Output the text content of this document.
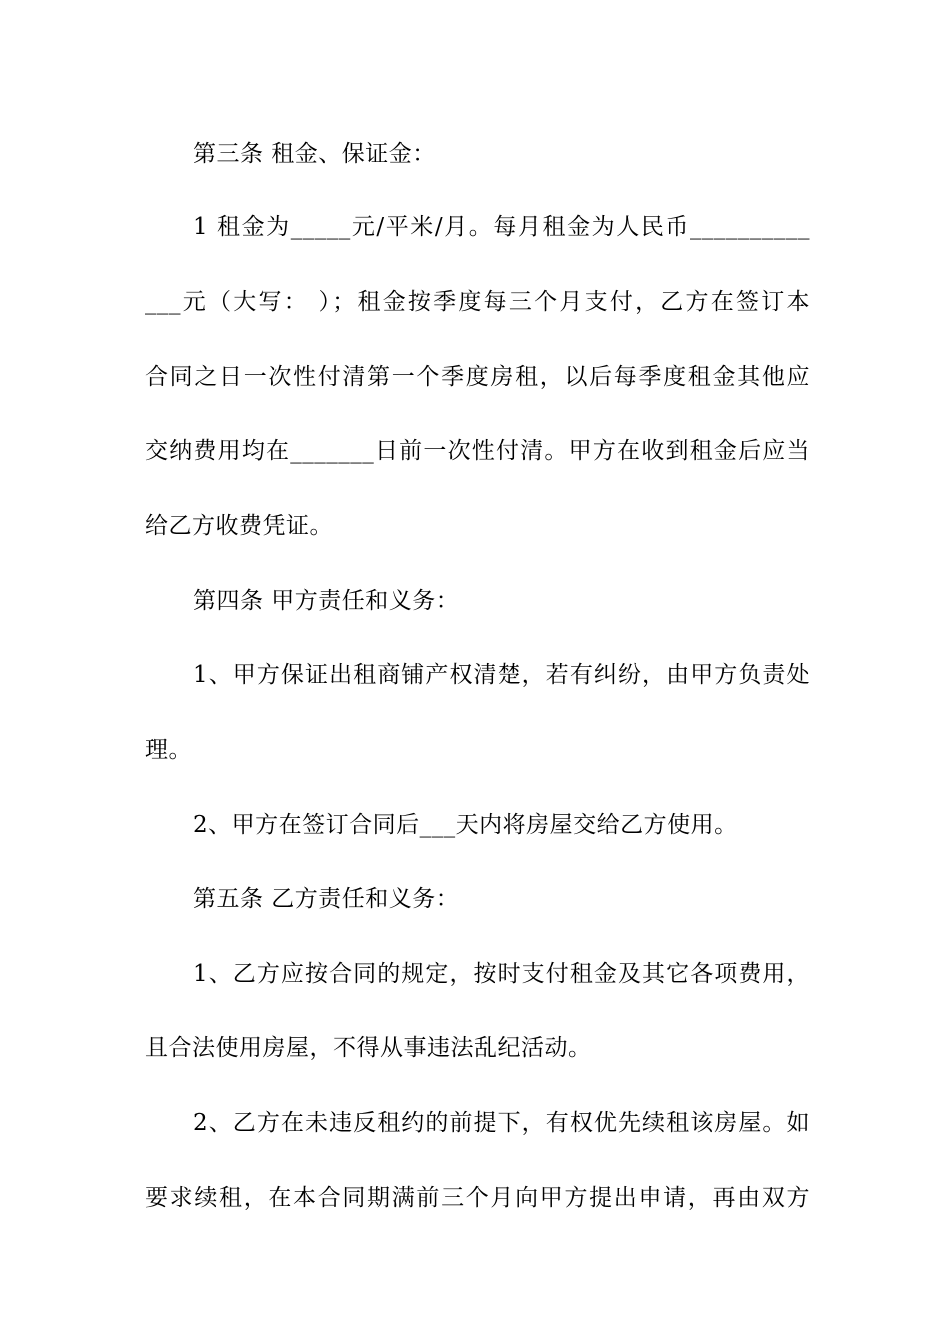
第三条 租金、保证金：
1 租金为_____元/平米/月。每月租金为人民币__________
___元（大写： ）；租金按季度每三个月支付，乙方在签订本
合同之日一次性付清第一个季度房租，以后每季度租金其他应
交纳费用均在_______日前一次性付清。甲方在收到租金后应当
给乙方收费凭证。
第四条 甲方责任和义务：
1、甲方保证出租商铺产权清楚，若有纠纷，由甲方负责处
理。
2、甲方在签订合同后___天内将房屋交给乙方使用。
第五条 乙方责任和义务：
1、乙方应按合同的规定，按时支付租金及其它各项费用，
且合法使用房屋，不得从事违法乱纪活动。
2、乙方在未违反租约的前提下，有权优先续租该房屋。如
要求续租，在本合同期满前三个月向甲方提出申请，再由双方
